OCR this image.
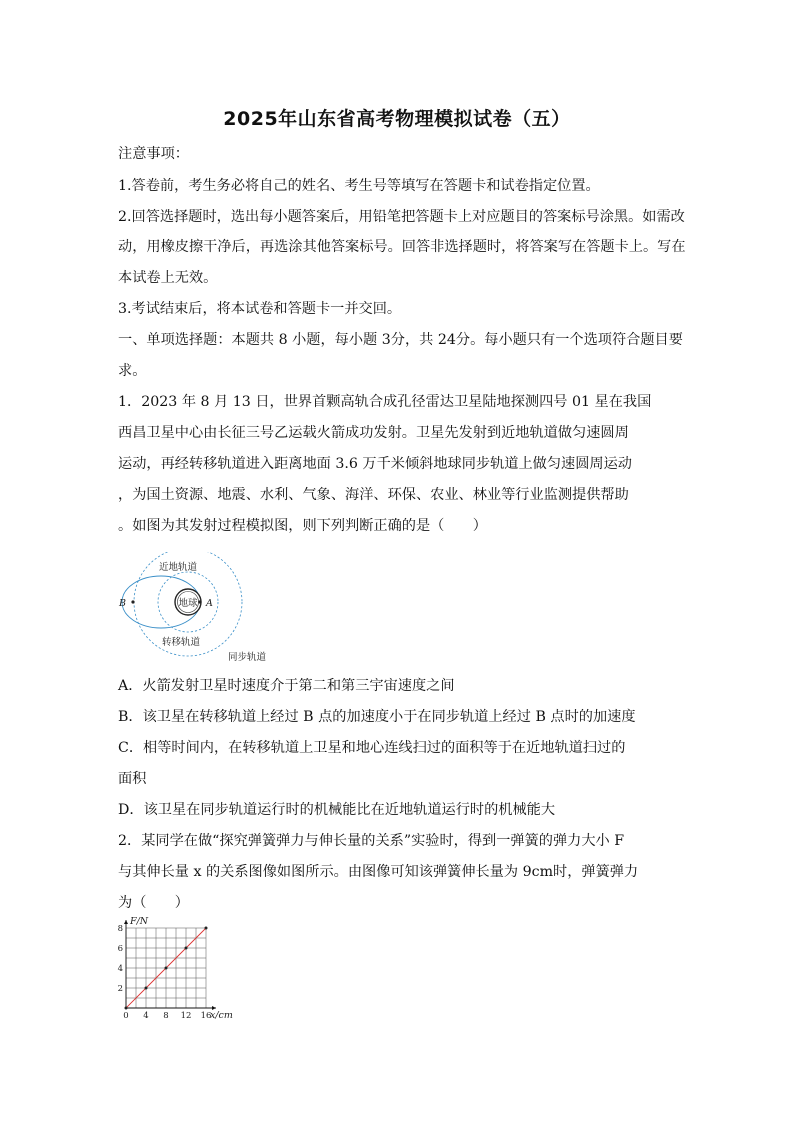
2025年山东省高考物理模拟试卷（五）
注意事项：
1.答卷前，考生务必将自己的姓名、考生号等填写在答题卡和试卷指定位置。
2.回答选择题时，选出每小题答案后，用铅笔把答题卡上对应题目的答案标号涂黑。如需改
动，用橡皮擦干净后，再选涂其他答案标号。回答非选择题时，将答案写在答题卡上。写在
本试卷上无效。
3.考试结束后，将本试卷和答题卡一并交回。
一、单项选择题：本题共 8 小题，每小题 3分，共 24分。每小题只有一个选项符合题目要
求。
1．2023 年 8 月 13 日，世界首颗高轨合成孔径雷达卫星陆地探测四号 01 星在我国
西昌卫星中心由长征三号乙运载火箭成功发射。卫星先发射到近地轨道做匀速圆周
运动，再经转移轨道进入距离地面 3.6 万千米倾斜地球同步轨道上做匀速圆周运动
，为国土资源、地震、水利、气象、海洋、环保、农业、林业等行业监测提供帮助
。如图为其发射过程模拟图，则下列判断正确的是（　　）
地球 A
B
近地轨道
转移轨道
同步轨道
A．火箭发射卫星时速度介于第二和第三宇宙速度之间
B．该卫星在转移轨道上经过 B 点的加速度小于在同步轨道上经过 B 点时的加速度
C．相等时间内，在转移轨道上卫星和地心连线扫过的面积等于在近地轨道扫过的
面积
D．该卫星在同步轨道运行时的机械能比在近地轨道运行时的机械能大
2．某同学在做“探究弹簧弹力与伸长量的关系”实验时，得到一弹簧的弹力大小 F
与其伸长量 x 的关系图像如图所示。由图像可知该弹簧伸长量为 9cm时，弹簧弹力
为（　　）
0 4 8 12 16
2
4
6
8
F/N
x/cm
